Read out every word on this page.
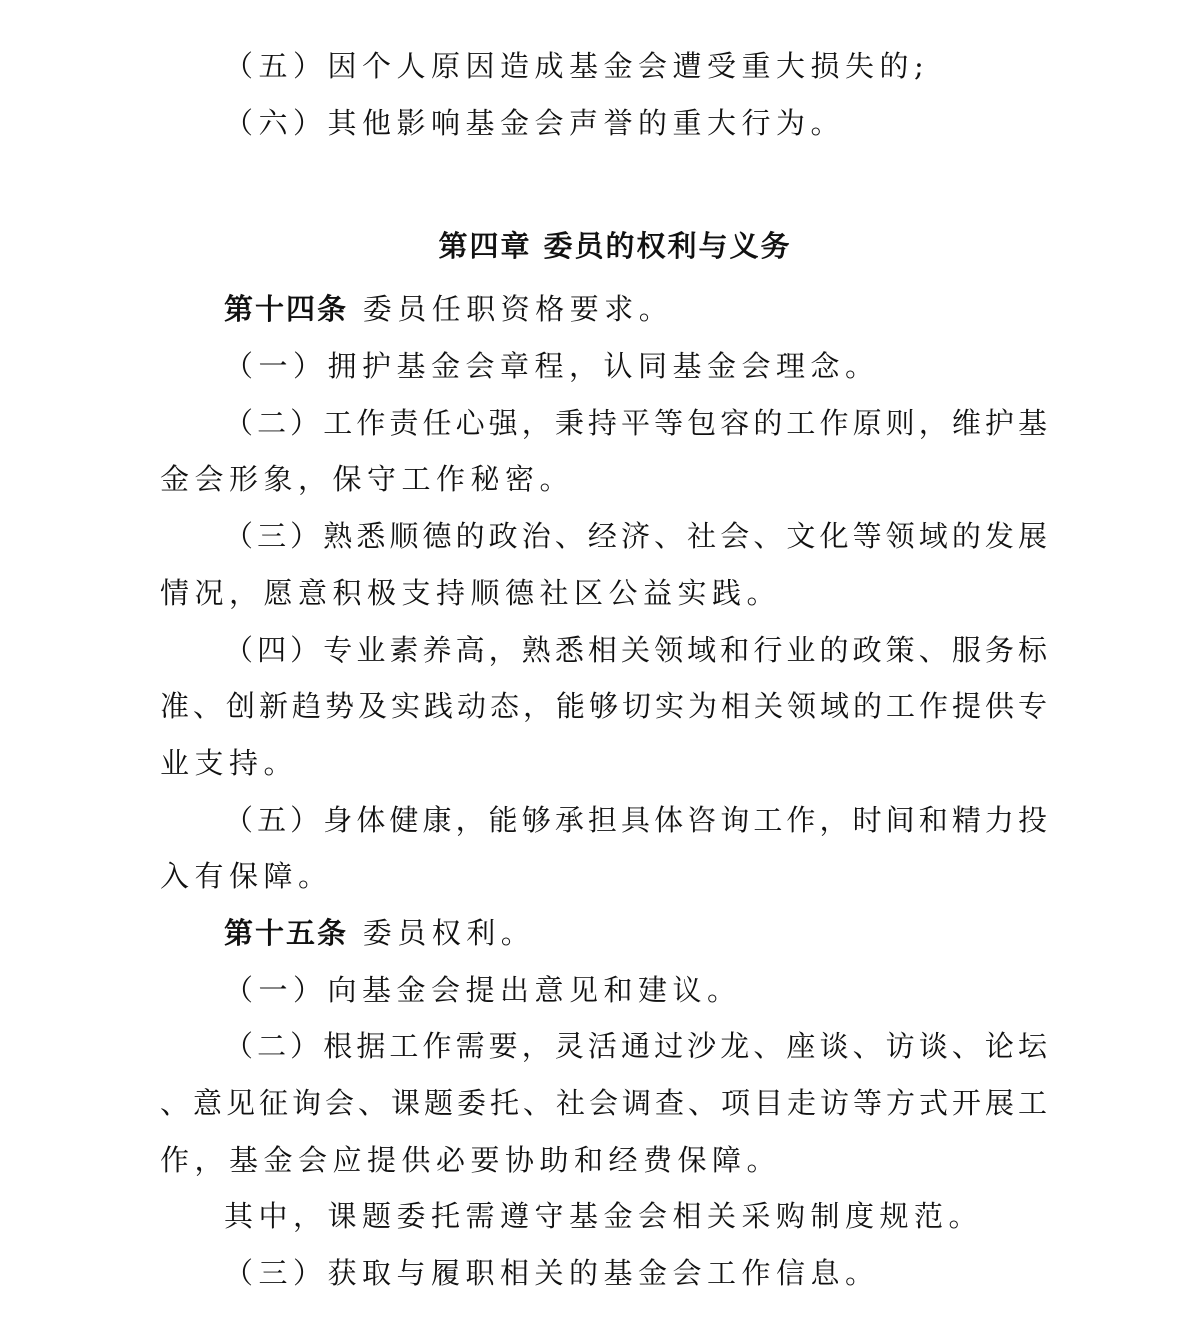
（五）因个人原因造成基金会遭受重大损失的;
（六）其他影响基金会声誉的重大行为。
第四章 委员的权利与义务
第十四条 委员任职资格要求。
（一）拥护基金会章程，认同基金会理念。
（二）工作责任心强，秉持平等包容的工作原则，维护基
金会形象，保守工作秘密。
（三）熟悉顺德的政治、经济、社会、文化等领域的发展
情况，愿意积极支持顺德社区公益实践。
（四）专业素养高，熟悉相关领域和行业的政策、服务标
准、创新趋势及实践动态，能够切实为相关领域的工作提供专
业支持。
（五）身体健康，能够承担具体咨询工作，时间和精力投
入有保障。
第十五条 委员权利。
（一）向基金会提出意见和建议。
（二）根据工作需要，灵活通过沙龙、座谈、访谈、论坛
、意见征询会、课题委托、社会调查、项目走访等方式开展工
作，基金会应提供必要协助和经费保障。
其中，课题委托需遵守基金会相关采购制度规范。
（三）获取与履职相关的基金会工作信息。
